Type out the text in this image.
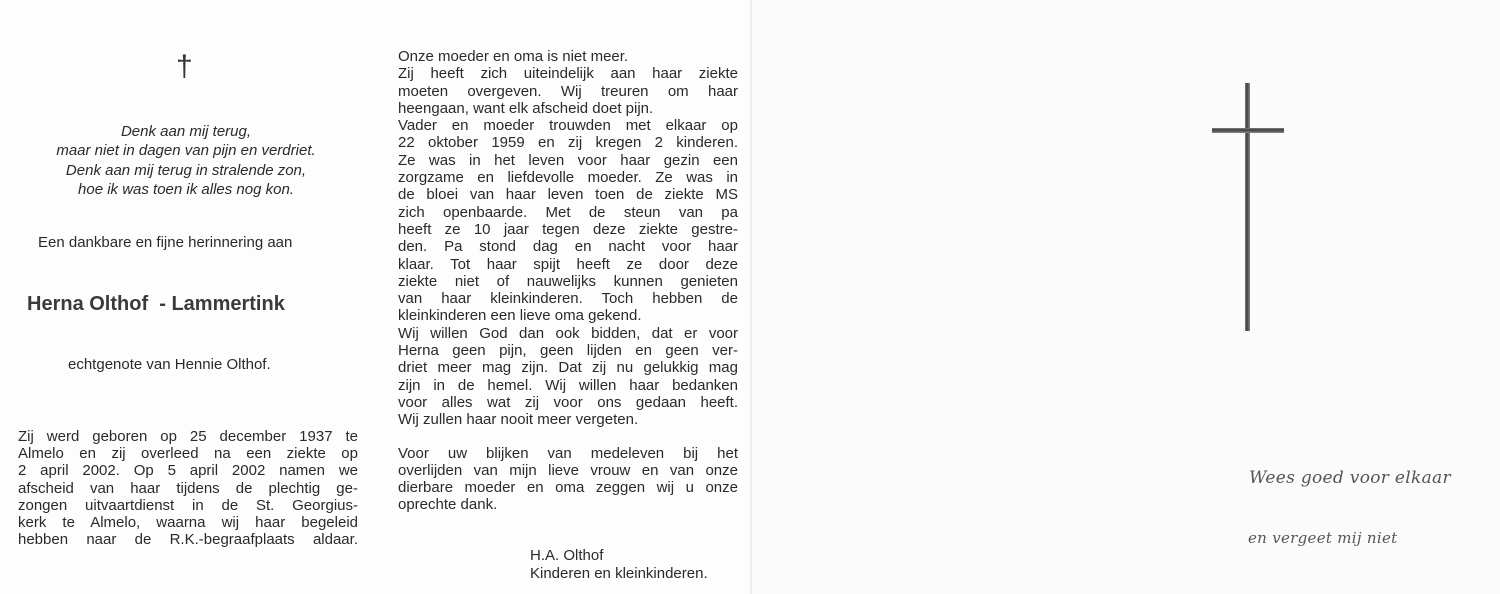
†
Denk aan mij terug,
maar niet in dagen van pijn en verdriet.
Denk aan mij terug in stralende zon,
hoe ik was toen ik alles nog kon.
Een dankbare en fijne herinnering aan
Herna Olthof  - Lammertink
echtgenote van Hennie Olthof.
Zij werd geboren op 25 december 1937 te
Almelo en zij overleed na een ziekte op
2 april 2002. Op 5 april 2002 namen we
afscheid van haar tijdens de plechtig ge-
zongen uitvaartdienst in de St. Georgius-
kerk te Almelo, waarna wij haar begeleid
hebben naar de R.K.-begraafplaats aldaar.

Onze moeder en oma is niet meer.

Zij heeft zich uiteindelijk aan haar ziekte

moeten overgeven. Wij treuren om haar

heengaan, want elk afscheid doet pijn.

Vader en moeder trouwden met elkaar op

22 oktober 1959 en zij kregen 2 kinderen.

Ze was in het leven voor haar gezin een

zorgzame en liefdevolle moeder. Ze was in

de bloei van haar leven toen de ziekte MS

zich openbaarde. Met de steun van pa

heeft ze 10 jaar tegen deze ziekte gestre-

den. Pa stond dag en nacht voor haar

klaar. Tot haar spijt heeft ze door deze

ziekte niet of nauwelijks kunnen genieten

van haar kleinkinderen. Toch hebben de

kleinkinderen een lieve oma gekend.

Wij willen God dan ook bidden, dat er voor

Herna geen pijn, geen lijden en geen ver-

driet meer mag zijn. Dat zij nu gelukkig mag

zijn in de hemel. Wij willen haar bedanken

voor alles wat zij voor ons gedaan heeft.

Wij zullen haar nooit meer vergeten.

Voor uw blijken van medeleven bij het

overlijden van mijn lieve vrouw en van onze

dierbare moeder en oma zeggen wij u onze

oprechte dank.

H.A. Olthof
Kinderen en kleinkinderen.
Wees goed voor elkaar
en vergeet mij niet
